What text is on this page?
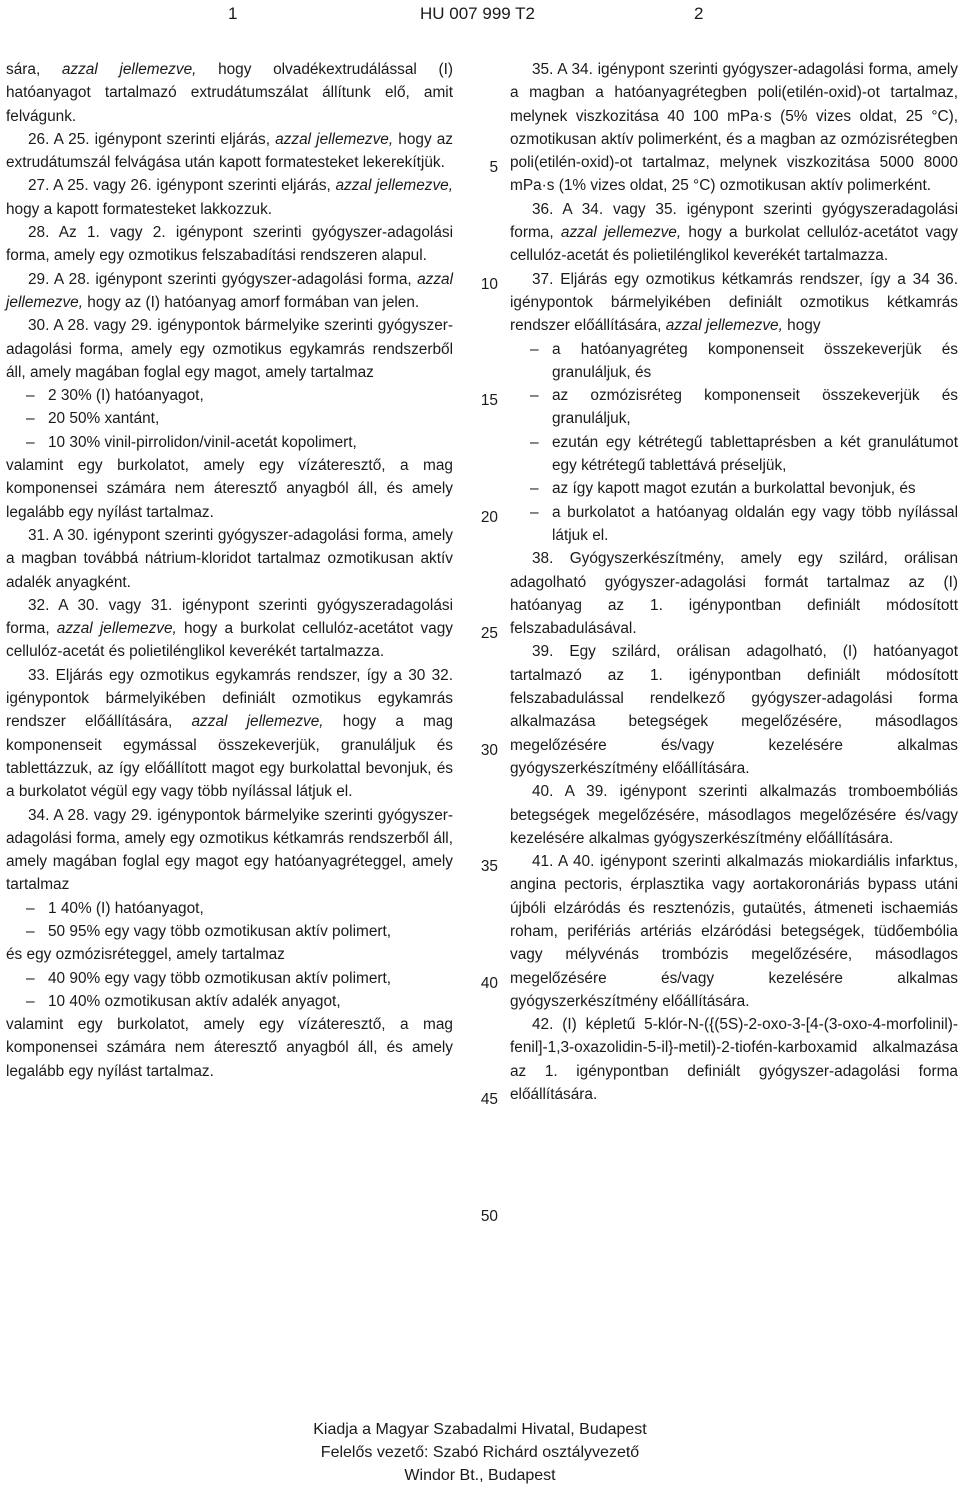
1	HU 007 999 T2	2

sára, azzal jellemezve, hogy olvadékextrudálással (I) hatóanyagot tartalmazó extrudátumszálat állítunk elő, amit felvágunk.

26. A 25. igénypont szerinti eljárás, azzal jellemezve, hogy az extrudátumszál felvágása után kapott formatesteket lekerekítjük.

27. A 25. vagy 26. igénypont szerinti eljárás, azzal jellemezve, hogy a kapott formatesteket lakkozzuk.

28. Az 1. vagy 2. igénypont szerinti gyógyszer-adagolási forma, amely egy ozmotikus felszabadítási rendszeren alapul.

29. A 28. igénypont szerinti gyógyszer-adagolási forma, azzal jellemezve, hogy az (I) hatóanyag amorf formában van jelen.

30. A 28. vagy 29. igénypontok bármelyike szerinti gyógyszer-adagolási forma, amely egy ozmotikus egykamrás rendszerből áll, amely magában foglal egy magot, amely tartalmaz

– 2 30% (I) hatóanyagot,

– 20 50% xantánt,

– 10 30% vinil-pirrolidon/vinil-acetát kopolimert,

valamint egy burkolatot, amely egy vízáteresztő, a mag komponensei számára nem áteresztő anyagból áll, és amely legalább egy nyílást tartalmaz.

31. A 30. igénypont szerinti gyógyszer-adagolási forma, amely a magban továbbá nátrium-kloridot tartalmaz ozmotikusan aktív adalék anyagként.

32. A 30. vagy 31. igénypont szerinti gyógyszeradagolási forma, azzal jellemezve, hogy a burkolat cellulóz-acetátot vagy cellulóz-acetát és polietilénglikol keverékét tartalmazza.

33. Eljárás egy ozmotikus egykamrás rendszer, így a 30 32. igénypontok bármelyikében definiált ozmotikus egykamrás rendszer előállítására, azzal jellemezve, hogy a mag komponenseit egymással összekeverjük, granuláljuk és tablettázzuk, az így előállított magot egy burkolattal bevonjuk, és a burkolatot végül egy vagy több nyílással látjuk el.

34. A 28. vagy 29. igénypontok bármelyike szerinti gyógyszer-adagolási forma, amely egy ozmotikus kétkamrás rendszerből áll, amely magában foglal egy magot egy hatóanyagréteggel, amely tartalmaz

– 1 40% (I) hatóanyagot,

– 50 95% egy vagy több ozmotikusan aktív polimert,

és egy ozmózisréteggel, amely tartalmaz

– 40 90% egy vagy több ozmotikusan aktív polimert,

– 10 40% ozmotikusan aktív adalék anyagot,

valamint egy burkolatot, amely egy vízáteresztő, a mag komponensei számára nem áteresztő anyagból áll, és amely legalább egy nyílást tartalmaz.

5
10
15
20
25
30
35
40
45
50

35. A 34. igénypont szerinti gyógyszer-adagolási forma, amely a magban a hatóanyagrétegben poli(etilén-oxid)-ot tartalmaz, melynek viszkozitása 40 100 mPa·s (5% vizes oldat, 25 °C), ozmotikusan aktív polimerként, és a magban az ozmózisrétegben poli(etilén-oxid)-ot tartalmaz, melynek viszkozitása 5000 8000 mPa·s (1% vizes oldat, 25 °C) ozmotikusan aktív polimerként.

36. A 34. vagy 35. igénypont szerinti gyógyszeradagolási forma, azzal jellemezve, hogy a burkolat cellulóz-acetátot vagy cellulóz-acetát és polietilénglikol keverékét tartalmazza.

37. Eljárás egy ozmotikus kétkamrás rendszer, így a 34 36. igénypontok bármelyikében definiált ozmotikus kétkamrás rendszer előállítására, azzal jellemezve, hogy

– a hatóanyagréteg komponenseit összekeverjük és granuláljuk, és

– az ozmózisréteg komponenseit összekeverjük és granuláljuk,

– ezután egy kétrétegű tablettaprésben a két granulátumot egy kétrétegű tablettává préseljük,

– az így kapott magot ezután a burkolattal bevonjuk, és

– a burkolatot a hatóanyag oldalán egy vagy több nyílással látjuk el.

38. Gyógyszerkészítmény, amely egy szilárd, orálisan adagolható gyógyszer-adagolási formát tartalmaz az (I) hatóanyag az 1. igénypontban definiált módosított felszabadulásával.

39. Egy szilárd, orálisan adagolható, (I) hatóanyagot tartalmazó az 1. igénypontban definiált módosított felszabadulással rendelkező gyógyszer-adagolási forma alkalmazása betegségek megelőzésére, másodlagos megelőzésére és/vagy kezelésére alkalmas gyógyszerkészítmény előállítására.

40. A 39. igénypont szerinti alkalmazás tromboembóliás betegségek megelőzésére, másodlagos megelőzésére és/vagy kezelésére alkalmas gyógyszerkészítmény előállítására.

41. A 40. igénypont szerinti alkalmazás miokardiális infarktus, angina pectoris, érplasztika vagy aortakoronáriás bypass utáni újbóli elzáródás és resztenózis, gutaütés, átmeneti ischaemiás roham, perifériás artériás elzáródási betegségek, tüdőembólia vagy mélyvénás trombózis megelőzésére, másodlagos megelőzésére és/vagy kezelésére alkalmas gyógyszerkészítmény előállítására.

42. (I) képletű 5-klór-N-({(5S)-2-oxo-3-[4-(3-oxo-4-morfolinil)-fenil]-1,3-oxazolidin-5-il}-metil)-2-tiofén-karboxamid alkalmazása az 1. igénypontban definiált gyógyszer-adagolási forma előállítására.

Kiadja a Magyar Szabadalmi Hivatal, Budapest
Felelős vezető: Szabó Richárd osztályvezető
Windor Bt., Budapest
